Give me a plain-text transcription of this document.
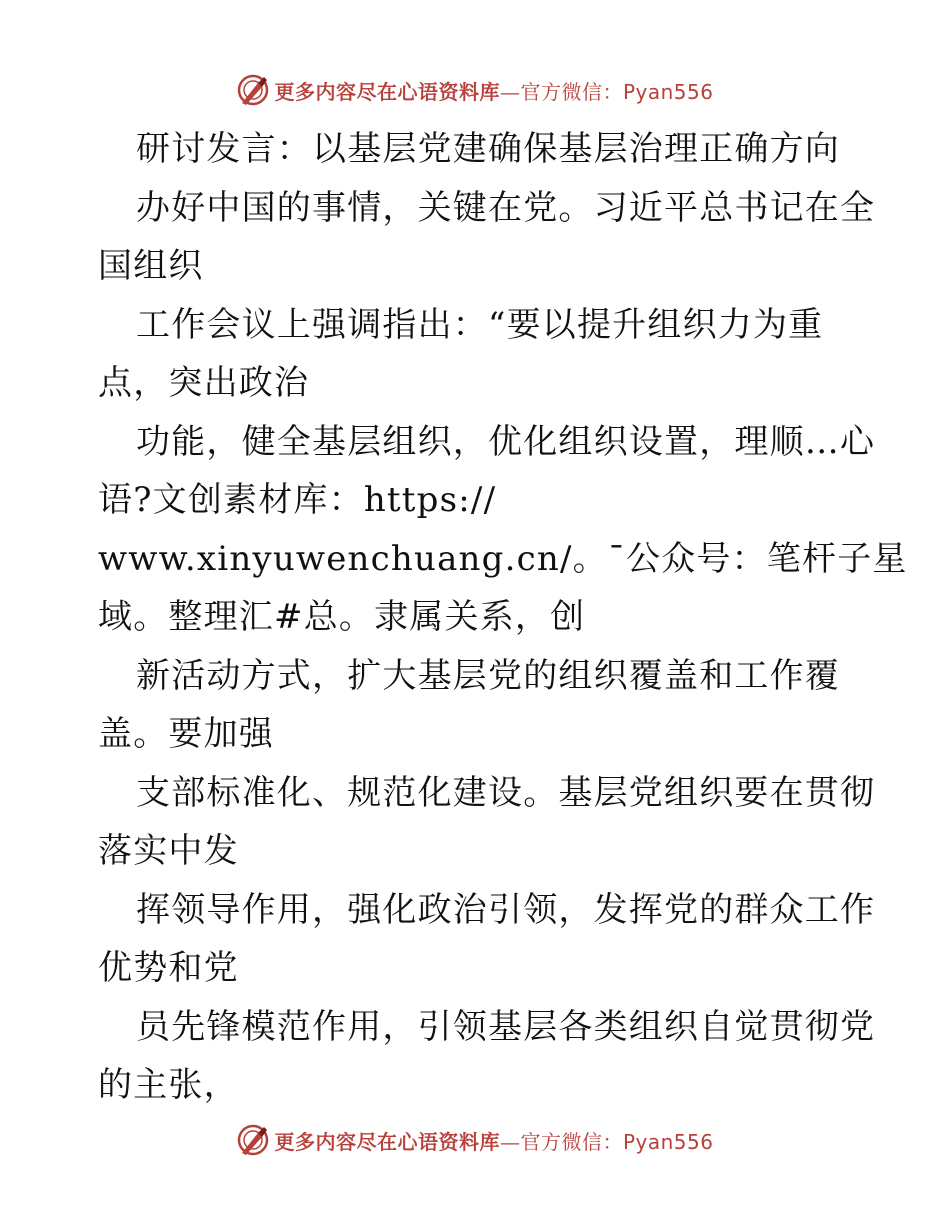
更多内容尽在心语资料库—官方微信：Pyan556
研讨发言：以基层党建确保基层治理正确方向
办好中国的事情，关键在党。习近平总书记在全
国组织
工作会议上强调指出：“要以提升组织力为重
点，突出政治
功能，健全基层组织，优化组织设置，理顺…心
语?文创素材库：https://
www.xinyuwenchuang.cn/。¯公众号：笔杆子星
域。整理汇#总。隶属关系，创
新活动方式，扩大基层党的组织覆盖和工作覆
盖。要加强
支部标准化、规范化建设。基层党组织要在贯彻
落实中发
挥领导作用，强化政治引领，发挥党的群众工作
优势和党
员先锋模范作用，引领基层各类组织自觉贯彻党
的主张，
更多内容尽在心语资料库—官方微信：Pyan556
